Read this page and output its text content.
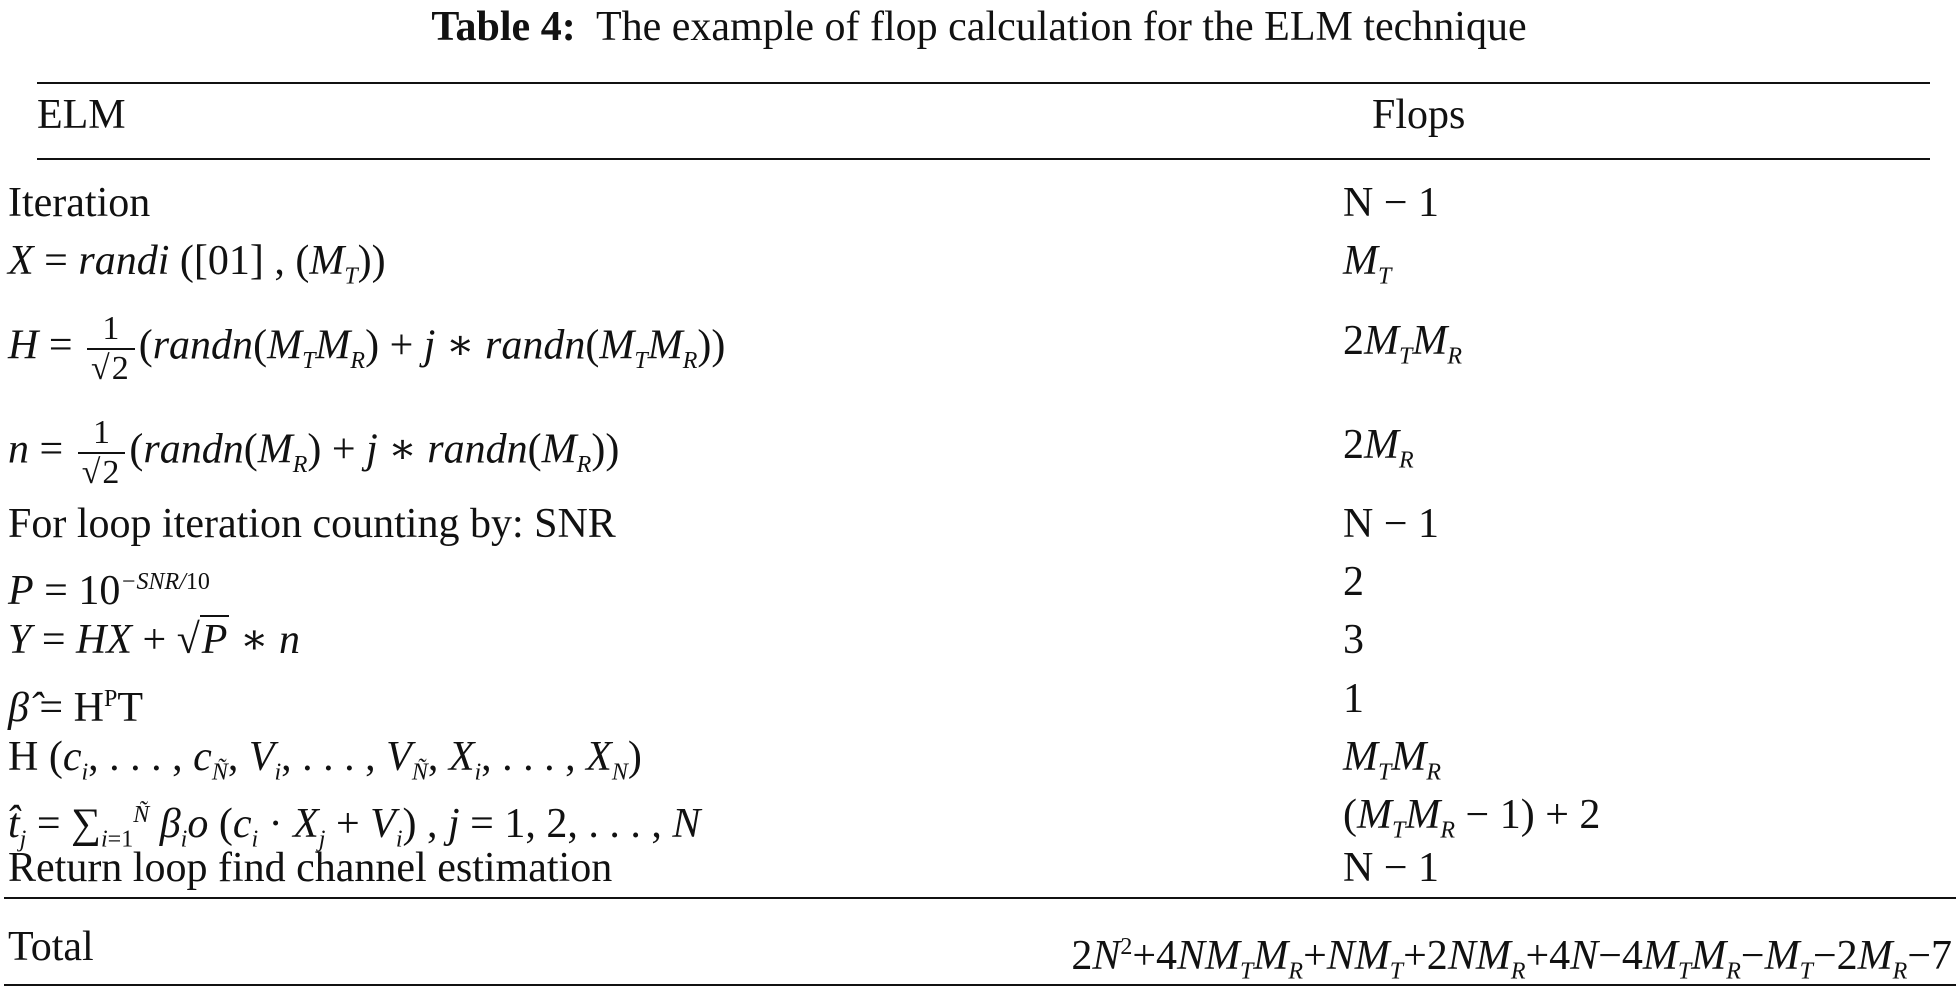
Table 4: The example of flop calculation for the ELM technique
ELM	Flops
Iteration	N − 1
X = randi ([01] , $(M_T)$)	$M_T$
$H = \frac{1}{√2}$ ($randn(M_TM_R) + j$ ∗ $randn(M_TM_R)$)	$2M_TM_R$
$n = \frac{1}{√2}$ ($randn(M_R) + j$ ∗ $randn(M_R)$)	$2M_R$
For loop iteration counting by: SNR	N − 1
$P = 10^{-SNR/10}$	2
Y = HX + √P ∗ n	3
β̂ = $H^PT$	1
H ($c_i$, . . . , $c_Ñ$, $V_i$, . . . , $V_Ñ$, $X_i$, . . . , $X_N$)	$M_TM_R$
$t̂_j = \sum_{i=1}^Ñ$ $\beta_io$ $(c_i \cdot X_j + V_i)$ , j = 1, 2, . . . , N	$(M_TM_R - 1) + 2$
Return loop find channel estimation	N − 1
Total	$2N^2+4NM_TM_R+NM_T+2NM_R+4N-4M_TM_R-M_T-2M_R-7$
